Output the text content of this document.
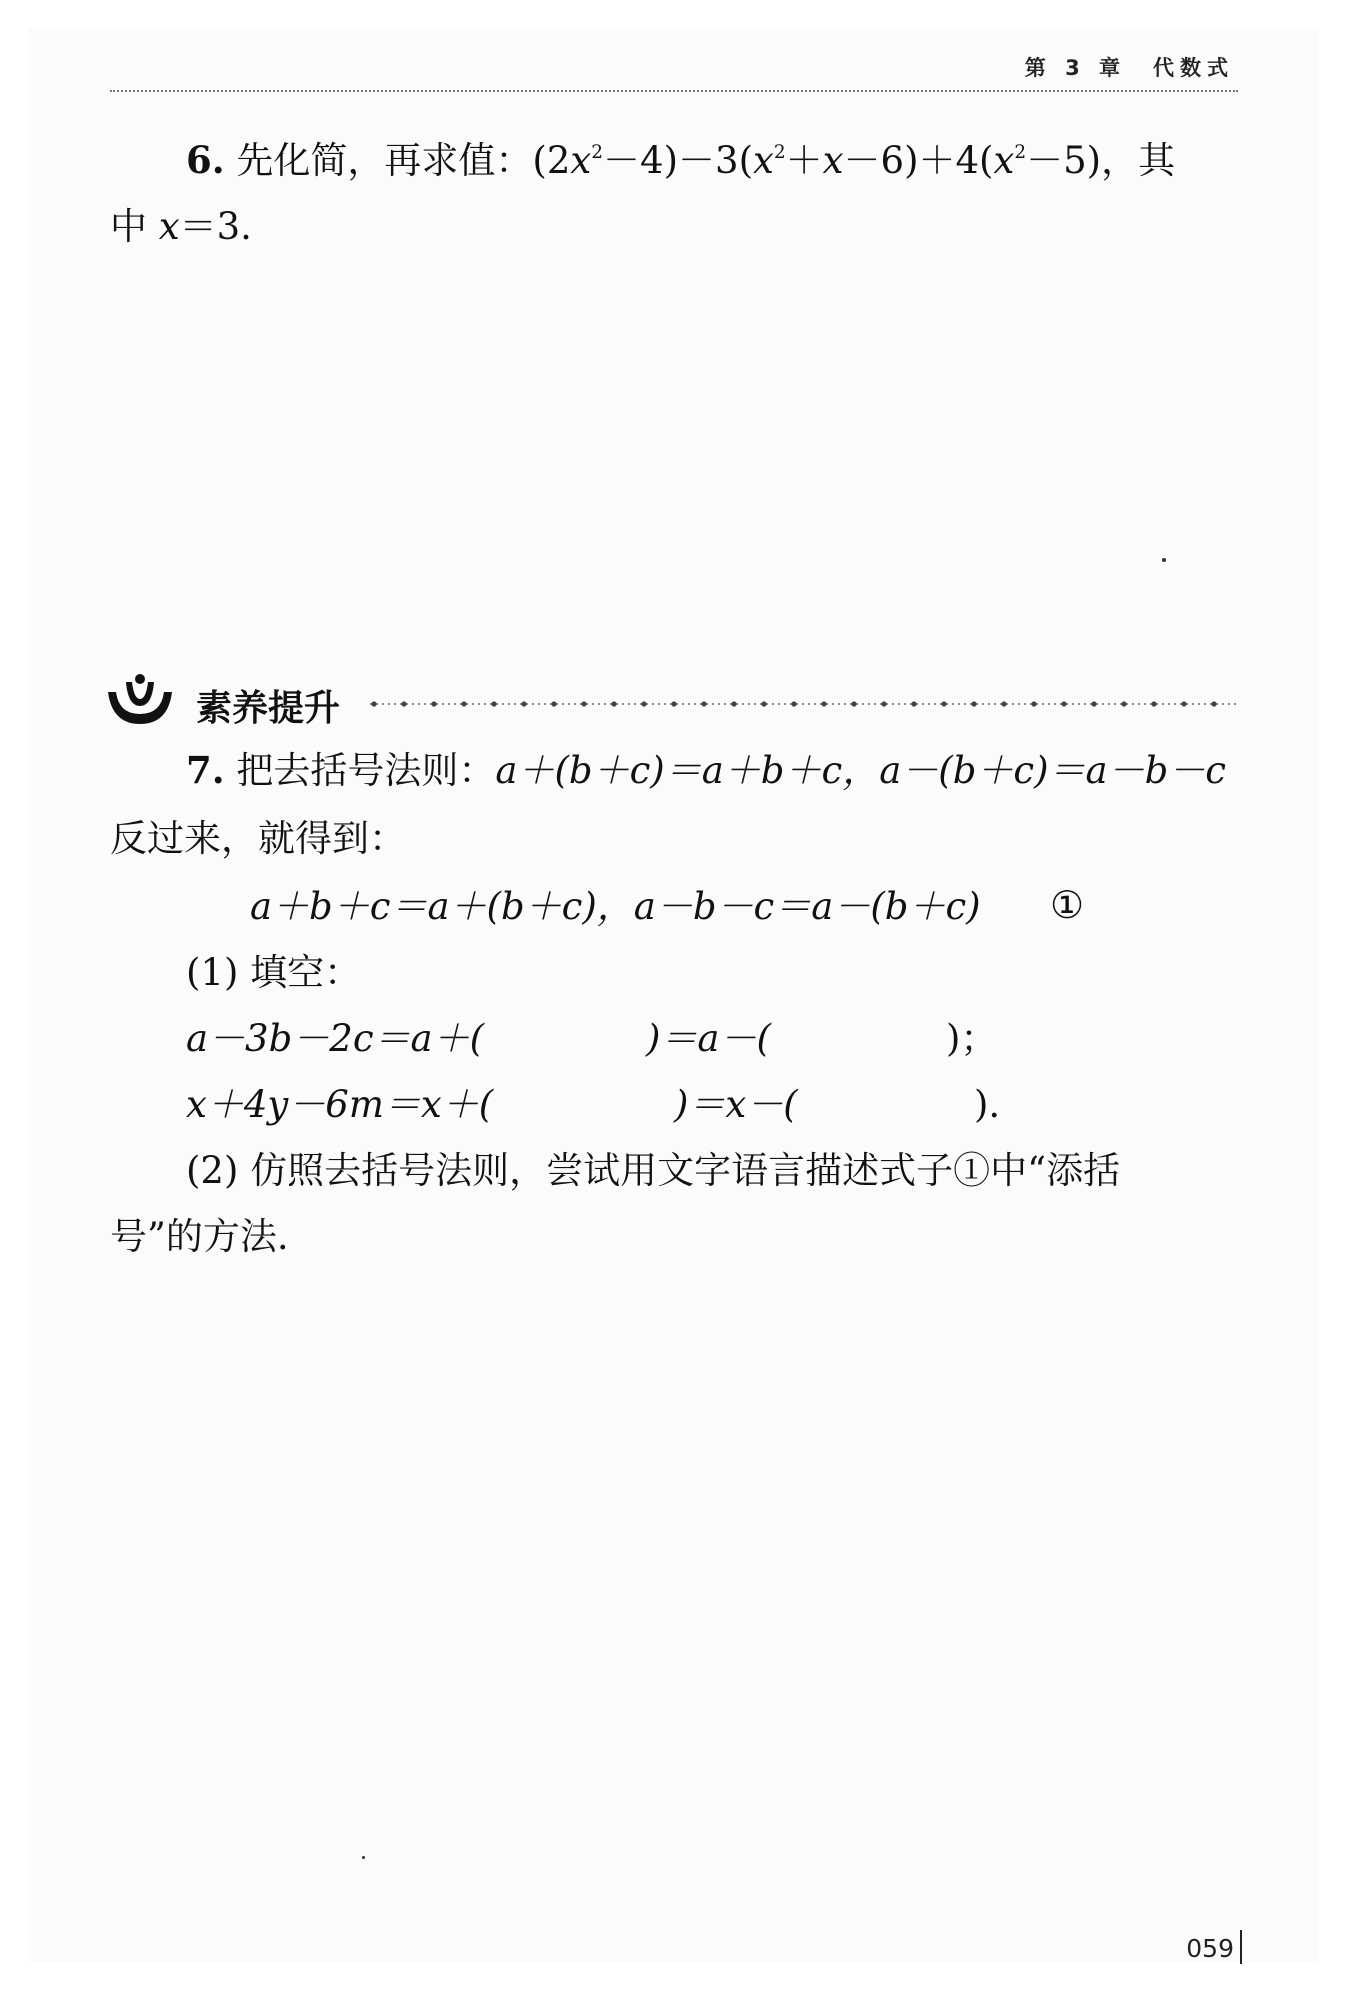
第 3 章　代数式
6. 先化简，再求值：$(2x^2-4)-3(x^2+x-6)+4(x^2-5)$，其
中 x＝3.
素养提升
7. 把去括号法则：a＋(b＋c)＝a＋b＋c，a－(b＋c)＝a－b－c
反过来，就得到：
a＋b＋c＝a＋(b＋c)，a－b－c＝a－(b＋c) ①
(1) 填空：
a－3b－2c＝a＋(	)＝a－(	)；
x＋4y－6m＝x＋(	)＝x－(	).
(2) 仿照去括号法则，尝试用文字语言描述式子①中“添括
号”的方法.
059
